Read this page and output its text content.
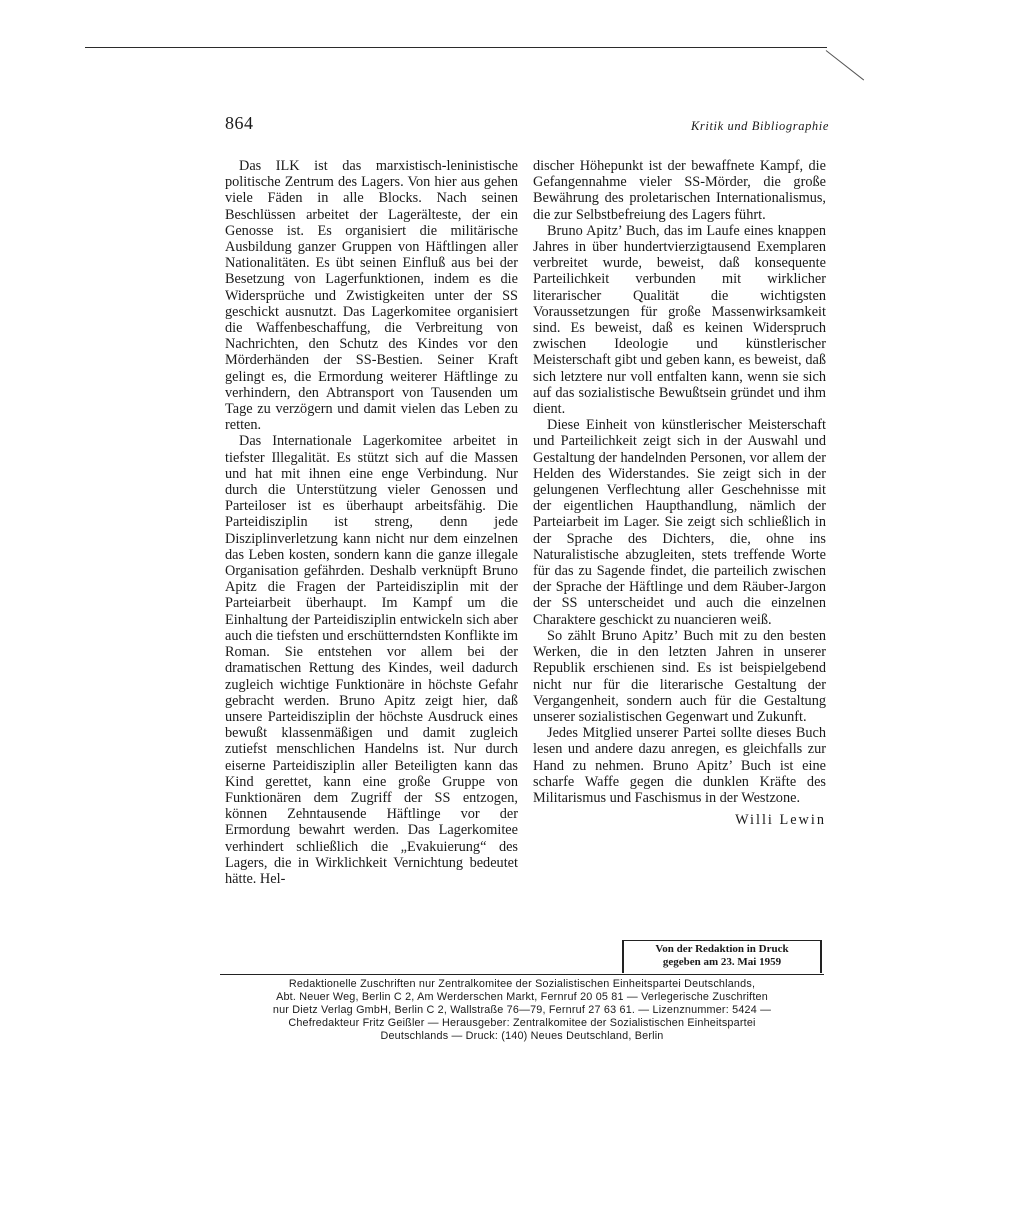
864	Kritik und Bibliographie

Das ILK ist das marxistisch-leninistische politische Zentrum des Lagers. Von hier aus gehen viele Fäden in alle Blocks. Nach seinen Beschlüssen arbeitet der Lagerälteste, der ein Genosse ist. Es organisiert die militärische Ausbildung ganzer Gruppen von Häftlingen aller Nationalitäten. Es übt seinen Einfluß aus bei der Besetzung von Lagerfunktionen, indem es die Widersprüche und Zwistigkeiten unter der SS geschickt ausnutzt. Das Lagerkomitee organisiert die Waffenbeschaffung, die Verbreitung von Nachrichten, den Schutz des Kindes vor den Mörderhänden der SS-Bestien. Seiner Kraft gelingt es, die Ermordung weiterer Häftlinge zu verhindern, den Abtransport von Tausenden um Tage zu verzögern und damit vielen das Leben zu retten.

Das Internationale Lagerkomitee arbeitet in tiefster Illegalität. Es stützt sich auf die Massen und hat mit ihnen eine enge Verbindung. Nur durch die Unterstützung vieler Genossen und Parteiloser ist es überhaupt arbeitsfähig. Die Parteidisziplin ist streng, denn jede Disziplinverletzung kann nicht nur dem einzelnen das Leben kosten, sondern kann die ganze illegale Organisation gefährden. Deshalb verknüpft Bruno Apitz die Fragen der Parteidisziplin mit der Parteiarbeit überhaupt. Im Kampf um die Einhaltung der Parteidisziplin entwickeln sich aber auch die tiefsten und erschütterndsten Konflikte im Roman. Sie entstehen vor allem bei der dramatischen Rettung des Kindes, weil dadurch zugleich wichtige Funktionäre in höchste Gefahr gebracht werden. Bruno Apitz zeigt hier, daß unsere Parteidisziplin der höchste Ausdruck eines bewußt klassenmäßigen und damit zugleich zutiefst menschlichen Handelns ist. Nur durch eiserne Parteidisziplin aller Beteiligten kann das Kind gerettet, kann eine große Gruppe von Funktionären dem Zugriff der SS entzogen, können Zehntausende Häftlinge vor der Ermordung bewahrt werden. Das Lagerkomitee verhindert schließlich die „Evakuierung“ des Lagers, die in Wirklichkeit Vernichtung bedeutet hätte. Hel-

discher Höhepunkt ist der bewaffnete Kampf, die Gefangennahme vieler SS-Mörder, die große Bewährung des proletarischen Internationalismus, die zur Selbstbefreiung des Lagers führt.

Bruno Apitz’ Buch, das im Laufe eines knappen Jahres in über hundertvierzigtausend Exemplaren verbreitet wurde, beweist, daß konsequente Parteilichkeit verbunden mit wirklicher literarischer Qualität die wichtigsten Voraussetzungen für große Massenwirksamkeit sind. Es beweist, daß es keinen Widerspruch zwischen Ideologie und künstlerischer Meisterschaft gibt und geben kann, es beweist, daß sich letztere nur voll entfalten kann, wenn sie sich auf das sozialistische Bewußtsein gründet und ihm dient.

Diese Einheit von künstlerischer Meisterschaft und Parteilichkeit zeigt sich in der Auswahl und Gestaltung der handelnden Personen, vor allem der Helden des Widerstandes. Sie zeigt sich in der gelungenen Verflechtung aller Geschehnisse mit der eigentlichen Haupthandlung, nämlich der Parteiarbeit im Lager. Sie zeigt sich schließlich in der Sprache des Dichters, die, ohne ins Naturalistische abzugleiten, stets treffende Worte für das zu Sagende findet, die parteilich zwischen der Sprache der Häftlinge und dem Räuber-Jargon der SS unterscheidet und auch die einzelnen Charaktere geschickt zu nuancieren weiß.

So zählt Bruno Apitz’ Buch mit zu den besten Werken, die in den letzten Jahren in unserer Republik erschienen sind. Es ist beispielgebend nicht nur für die literarische Gestaltung der Vergangenheit, sondern auch für die Gestaltung unserer sozialistischen Gegenwart und Zukunft.

Jedes Mitglied unserer Partei sollte dieses Buch lesen und andere dazu anregen, es gleichfalls zur Hand zu nehmen. Bruno Apitz’ Buch ist eine scharfe Waffe gegen die dunklen Kräfte des Militarismus und Faschismus in der Westzone.

Willi Lewin

Von der Redaktion in Druck
gegeben am 23. Mai 1959
Redaktionelle Zuschriften nur Zentralkomitee der Sozialistischen Einheitspartei Deutschlands,
Abt. Neuer Weg, Berlin C 2, Am Werderschen Markt, Fernruf 20 05 81 — Verlegerische Zuschriften
nur Dietz Verlag GmbH, Berlin C 2, Wallstraße 76—79, Fernruf 27 63 61. — Lizenznummer: 5424 —
Chefredakteur Fritz Geißler — Herausgeber: Zentralkomitee der Sozialistischen Einheitspartei
Deutschlands — Druck: (140) Neues Deutschland, Berlin
